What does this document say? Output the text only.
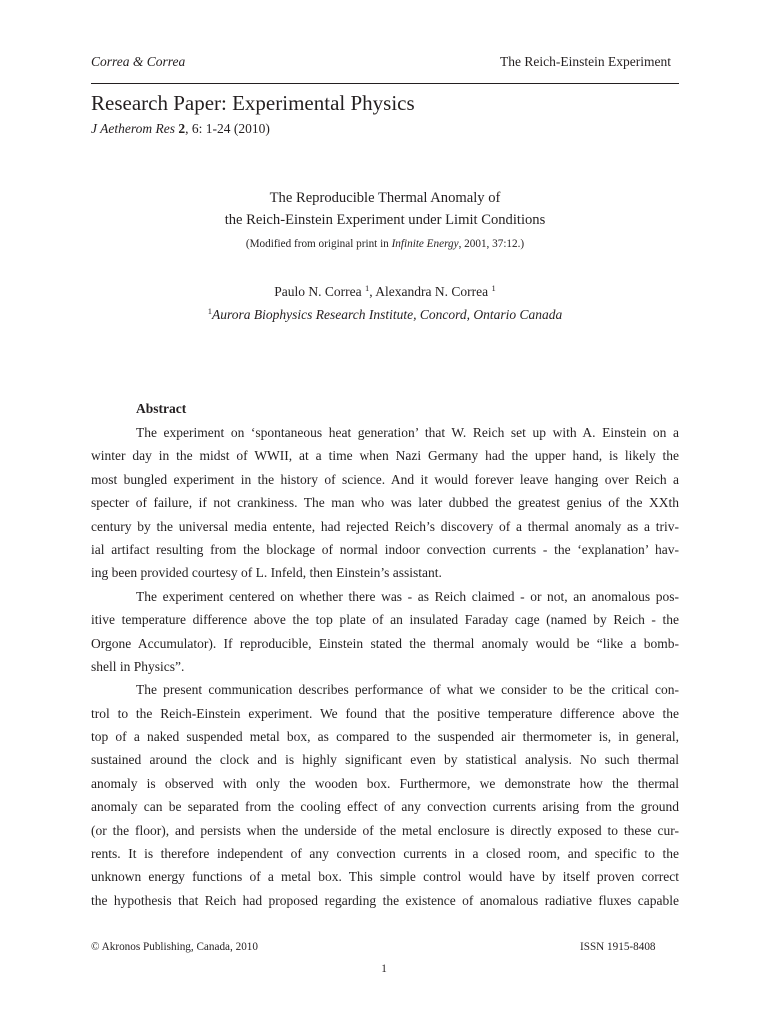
Correa & Correa	The Reich-Einstein Experiment
Research Paper: Experimental Physics
J Aetherom Res 2, 6: 1-24 (2010)
The Reproducible Thermal Anomaly of
the Reich-Einstein Experiment under Limit Conditions
(Modified from original print in Infinite Energy, 2001, 37:12.)
Paulo N. Correa $^1$, Alexandra N. Correa $^1$
$^1$Aurora Biophysics Research Institute, Concord, Ontario Canada
Abstract
The experiment on ‘spontaneous heat generation’ that W. Reich set up with A. Einstein on a
winter day in the midst of WWII, at a time when Nazi Germany had the upper hand, is likely the
most bungled experiment in the history of science. And it would forever leave hanging over Reich a
specter of failure, if not crankiness. The man who was later dubbed the greatest genius of the XXth
century by the universal media entente, had rejected Reich’s discovery of a thermal anomaly as a triv-
ial artifact resulting from the blockage of normal indoor convection currents - the ‘explanation’ hav-
ing been provided courtesy of L. Infeld, then Einstein’s assistant.
The experiment centered on whether there was - as Reich claimed - or not, an anomalous pos-
itive temperature difference above the top plate of an insulated Faraday cage (named by Reich - the
Orgone Accumulator). If reproducible, Einstein stated the thermal anomaly would be “like a bomb-
shell in Physics”.
The present communication describes performance of what we consider to be the critical con-
trol to the Reich-Einstein experiment. We found that the positive temperature difference above the
top of a naked suspended metal box, as compared to the suspended air thermometer is, in general,
sustained around the clock and is highly significant even by statistical analysis. No such thermal
anomaly is observed with only the wooden box. Furthermore, we demonstrate how the thermal
anomaly can be separated from the cooling effect of any convection currents arising from the ground
(or the floor), and persists when the underside of the metal enclosure is directly exposed to these cur-
rents. It is therefore independent of any convection currents in a closed room, and specific to the
unknown energy functions of a metal box. This simple control would have by itself proven correct
the hypothesis that Reich had proposed regarding the existence of anomalous radiative fluxes capable
© Akronos Publishing, Canada, 2010	ISSN 1915-8408
1
